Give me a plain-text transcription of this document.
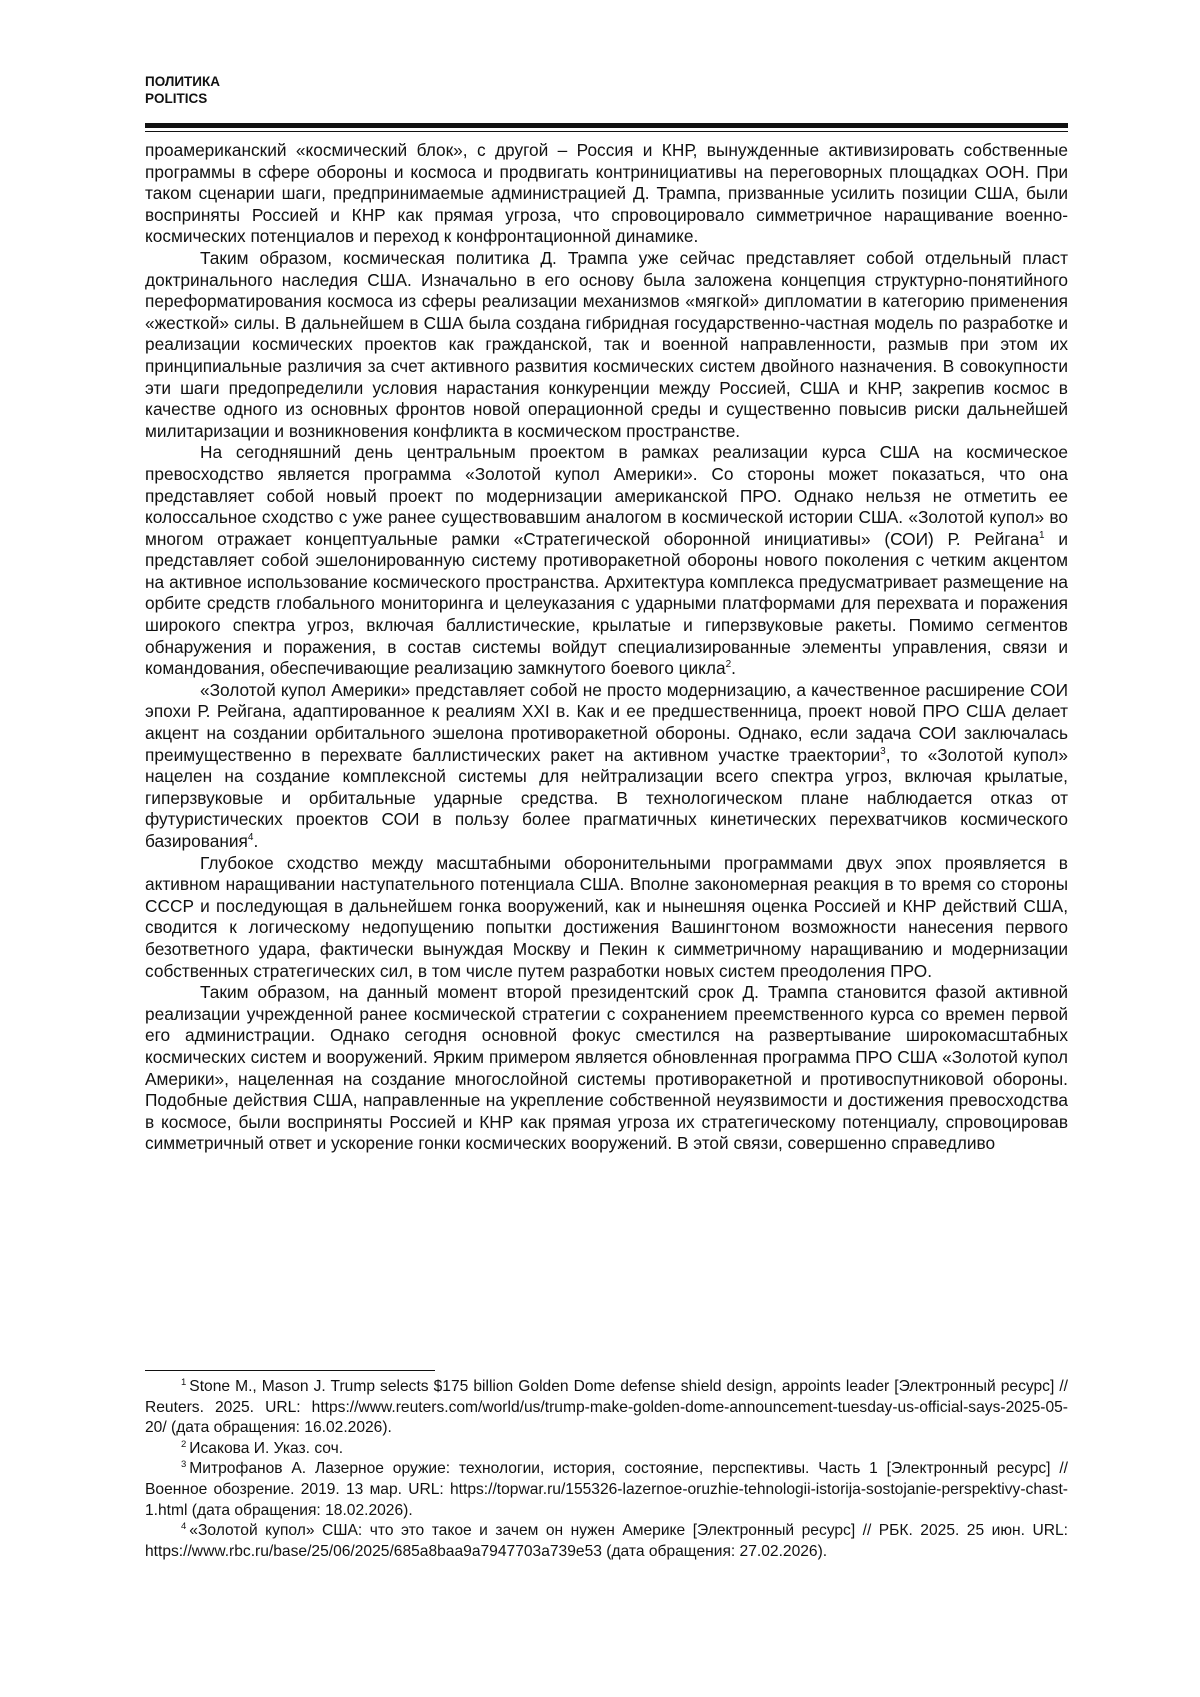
ПОЛИТИКА
POLITICS

проамериканский «космический блок», с другой – Россия и КНР, вынужденные активизировать собственные программы в сфере обороны и космоса и продвигать контринициативы на переговорных площадках ООН. При таком сценарии шаги, предпринимаемые администрацией Д. Трампа, призванные усилить позиции США, были восприняты Россией и КНР как прямая угроза, что спровоцировало симметричное наращивание военно-космических потенциалов и переход к конфронтационной динамике.

Таким образом, космическая политика Д. Трампа уже сейчас представляет собой отдельный пласт доктринального наследия США. Изначально в его основу была заложена концепция структурно-понятийного переформатирования космоса из сферы реализации механизмов «мягкой» дипломатии в категорию применения «жесткой» силы. В дальнейшем в США была создана гибридная государственно-частная модель по разработке и реализации космических проектов как гражданской, так и военной направленности, размыв при этом их принципиальные различия за счет активного развития космических систем двойного назначения. В совокупности эти шаги предопределили условия нарастания конкуренции между Россией, США и КНР, закрепив космос в качестве одного из основных фронтов новой операционной среды и существенно повысив риски дальнейшей милитаризации и возникновения конфликта в космическом пространстве.

На сегодняшний день центральным проектом в рамках реализации курса США на космическое превосходство является программа «Золотой купол Америки». Со стороны может показаться, что она представляет собой новый проект по модернизации американской ПРО. Однако нельзя не отметить ее колоссальное сходство с уже ранее существовавшим аналогом в космической истории США. «Золотой купол» во многом отражает концептуальные рамки «Стратегической оборонной инициативы» (СОИ) Р. Рейгана$^1$ и представляет собой эшелонированную систему противоракетной обороны нового поколения с четким акцентом на активное использование космического пространства. Архитектура комплекса предусматривает размещение на орбите средств глобального мониторинга и целеуказания с ударными платформами для перехвата и поражения широкого спектра угроз, включая баллистические, крылатые и гиперзвуковые ракеты. Помимо сегментов обнаружения и поражения, в состав системы войдут специализированные элементы управления, связи и командования, обеспечивающие реализацию замкнутого боевого цикла$^2$.

«Золотой купол Америки» представляет собой не просто модернизацию, а качественное расширение СОИ эпохи Р. Рейгана, адаптированное к реалиям XXI в. Как и ее предшественница, проект новой ПРО США делает акцент на создании орбитального эшелона противоракетной обороны. Однако, если задача СОИ заключалась преимущественно в перехвате баллистических ракет на активном участке траектории$^3$, то «Золотой купол» нацелен на создание комплексной системы для нейтрализации всего спектра угроз, включая крылатые, гиперзвуковые и орбитальные ударные средства. В технологическом плане наблюдается отказ от футуристических проектов СОИ в пользу более прагматичных кинетических перехватчиков космического базирования$^4$.

Глубокое сходство между масштабными оборонительными программами двух эпох проявляется в активном наращивании наступательного потенциала США. Вполне закономерная реакция в то время со стороны СССР и последующая в дальнейшем гонка вооружений, как и нынешняя оценка Россией и КНР действий США, сводится к логическому недопущению попытки достижения Вашингтоном возможности нанесения первого безответного удара, фактически вынуждая Москву и Пекин к симметричному наращиванию и модернизации собственных стратегических сил, в том числе путем разработки новых систем преодоления ПРО.

Таким образом, на данный момент второй президентский срок Д. Трампа становится фазой активной реализации учрежденной ранее космической стратегии с сохранением преемственного курса со времен первой его администрации. Однако сегодня основной фокус сместился на развертывание широкомасштабных космических систем и вооружений. Ярким примером является обновленная программа ПРО США «Золотой купол Америки», нацеленная на создание многослойной системы противоракетной и противоспутниковой обороны. Подобные действия США, направленные на укрепление собственной неуязвимости и достижения превосходства в космосе, были восприняты Россией и КНР как прямая угроза их стратегическому потенциалу, спровоцировав симметричный ответ и ускорение гонки космических вооружений. В этой связи, совершенно справедливо

$^1$ Stone M., Mason J. Trump selects $175 billion Golden Dome defense shield design, appoints leader [Электронный ресурс] // Reuters. 2025. URL: https://www.reuters.com/world/us/trump-make-golden-dome-announcement-tuesday-us-official-says-2025-05-20/ (дата обращения: 16.02.2026).

$^2$ Исакова И. Указ. соч.

$^3$ Митрофанов А. Лазерное оружие: технологии, история, состояние, перспективы. Часть 1 [Электронный ресурс] // Военное обозрение. 2019. 13 мар. URL: https://topwar.ru/155326-lazernoe-oruzhie-tehnologii-istorija-sostojanie-perspektivy-chast-1.html (дата обращения: 18.02.2026).

$^4$ «Золотой купол» США: что это такое и зачем он нужен Америке [Электронный ресурс] // РБК. 2025. 25 июн. URL: https://www.rbc.ru/base/25/06/2025/685a8baa9a7947703a739e53 (дата обращения: 27.02.2026).
